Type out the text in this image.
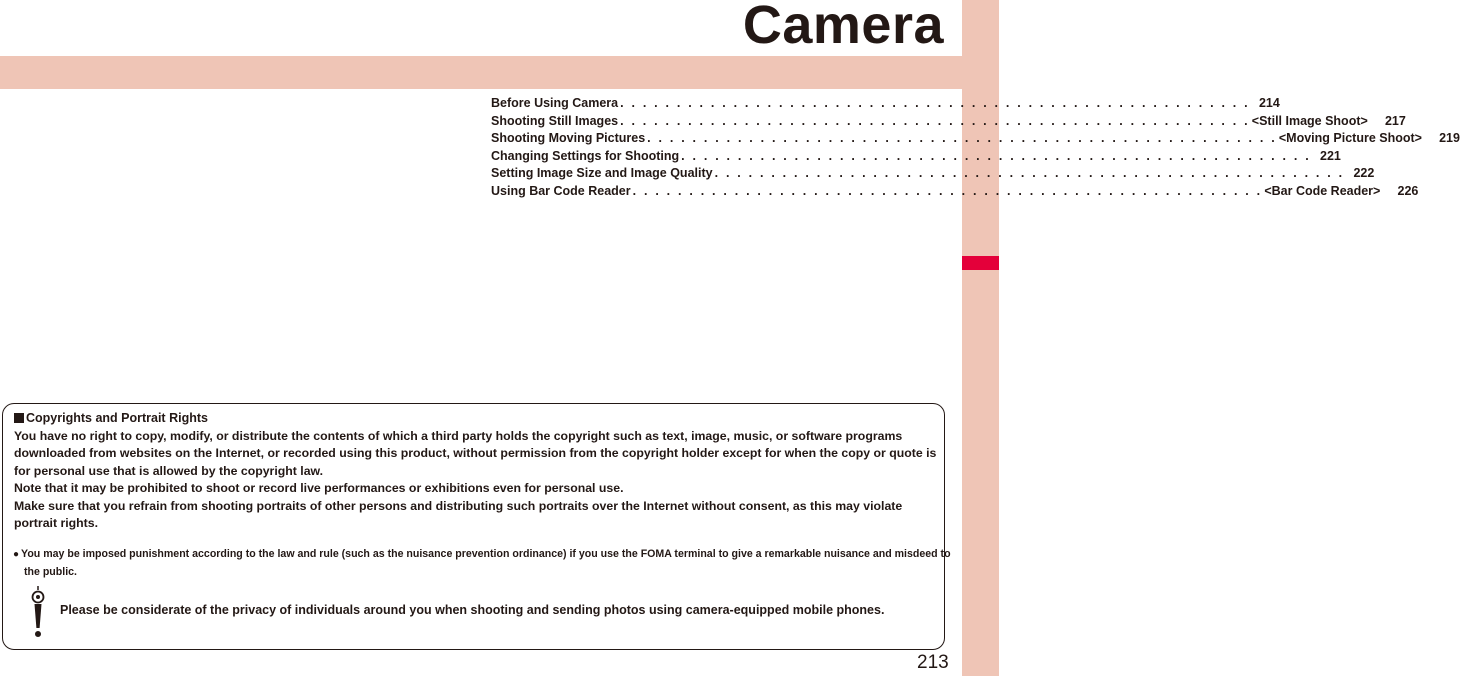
Camera
Before Using Camera . . . . . . . . . . . . . . . . . . . . . . . . . . . . . . . . . . . . . . . . . . . . . . . . . . . . . . . . 214
Shooting Still Images . . . . . . . . . . . . . . . . . . . . . . . . . . . . . . . . . . . . . . . . . . . . . . . . . . . . . . . . <Still Image Shoot>	217
Shooting Moving Pictures . . . . . . . . . . . . . . . . . . . . . . . . . . . . . . . . . . . . . . . . . . . . . . . . . . . . . . . . <Moving Picture Shoot>	219
Changing Settings for Shooting . . . . . . . . . . . . . . . . . . . . . . . . . . . . . . . . . . . . . . . . . . . . . . . . . . . . . . . . 221
Setting Image Size and Image Quality . . . . . . . . . . . . . . . . . . . . . . . . . . . . . . . . . . . . . . . . . . . . . . . . . . . . . . . . 222
Using Bar Code Reader . . . . . . . . . . . . . . . . . . . . . . . . . . . . . . . . . . . . . . . . . . . . . . . . . . . . . . . . <Bar Code Reader>	226
Copyrights and Portrait Rights

You have no right to copy, modify, or distribute the contents of which a third party holds the copyright such as text, image, music, or software programs downloaded from websites on the Internet, or recorded using this product, without permission from the copyright holder except for when the copy or quote is for personal use that is allowed by the copyright law.

Note that it may be prohibited to shoot or record live performances or exhibitions even for personal use.

Make sure that you refrain from shooting portraits of other persons and distributing such portraits over the Internet without consent, as this may violate portrait rights.

● You may be imposed punishment according to the law and rule (such as the nuisance prevention ordinance) if you use the FOMA terminal to give a remarkable nuisance and misdeed to the public.
Please be considerate of the privacy of individuals around you when shooting and sending photos using camera-equipped mobile phones.
213
